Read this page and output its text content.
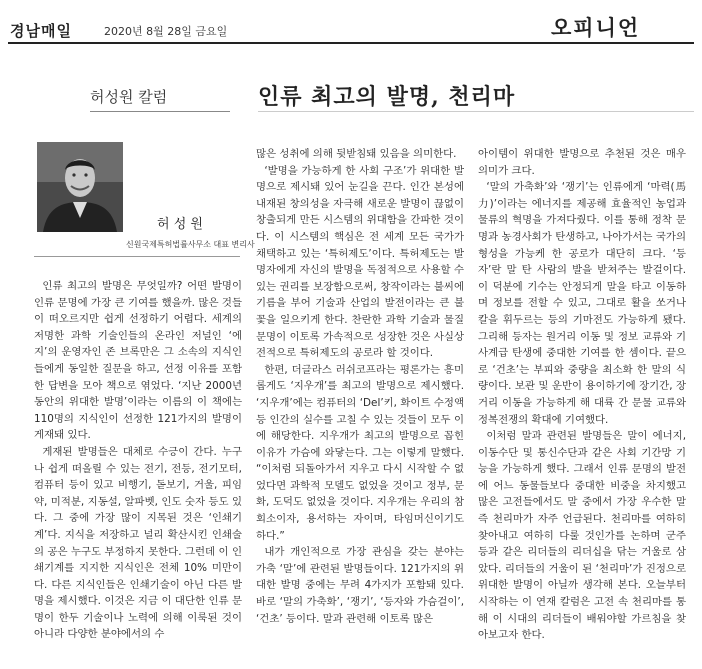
경남매일	2020년 8월 28일 금요일	오피니언
허성원 칼럼	인류 최고의 발명, 천리마
허 성 원
신원국제특허법률사무소 대표 변리사

인류 최고의 발명은 무엇일까? 어떤 발명이 인류 문명에 가장 큰 기여를 했을까. 많은 것들이 떠오르지만 쉽게 선정하기 어렵다. 세계의 저명한 과학 기술인들의 온라인 저널인 ‘에지’의 운영자인 존 브록만은 그 소속의 지식인들에게 동일한 질문을 하고, 선정 이유를 포함한 답변을 모아 책으로 엮었다. ‘지난 2000년 동안의 위대한 발명’이라는 이름의 이 책에는 110명의 지식인이 선정한 121가지의 발명이 게재돼 있다.

게재된 발명들은 대체로 수긍이 간다. 누구나 쉽게 떠올릴 수 있는 전기, 전등, 전기모터, 컴퓨터 등이 있고 비행기, 돋보기, 거울, 피임약, 미적분, 지동설, 알파벳, 인도 숫자 등도 있다. 그 중에 가장 많이 지목된 것은 ‘인쇄기계’다. 지식을 저장하고 널리 확산시킨 인쇄술의 공은 누구도 부정하지 못한다. 그런데 이 인쇄기계를 지지한 지식인은 전체 10% 미만이다. 다른 지식인들은 인쇄기술이 아닌 다른 발명을 제시했다. 이것은 지금 이 대단한 인류 문명이 한두 기술이나 노력에 의해 이룩된 것이 아니라 다양한 분야에서의 수

많은 성취에 의해 뒷받침돼 있음을 의미한다.

‘발명을 가능하게 한 사회 구조’가 위대한 발명으로 제시돼 있어 눈길을 끈다. 인간 본성에 내재된 창의성을 자극해 새로운 발명이 끊없이 창출되게 만든 시스템의 위대함을 간파한 것이다. 이 시스템의 핵심은 전 세계 모든 국가가 채택하고 있는 ‘특허제도’이다. 특허제도는 발명자에게 자신의 발명을 독점적으로 사용할 수 있는 권리를 보장함으로써, 창작이라는 불씨에 기름을 부어 기술과 산업의 발전이라는 큰 불꽃을 일으키게 한다. 찬란한 과학 기술과 물질 문명이 이토록 가속적으로 성장한 것은 사실상 전적으로 특허제도의 공로라 할 것이다.

한편, 더글라스 러쉬코프라는 평론가는 흥미롭게도 ‘지우개’를 최고의 발명으로 제시했다. ‘지우개’에는 컴퓨터의 ‘Del’키, 화이트 수정액 등 인간의 실수를 고칠 수 있는 것들이 모두 이에 해당한다. 지우개가 최고의 발명으로 꼽힌 이유가 가슴에 와닿는다. 그는 이렇게 말했다. “이처럼 되돌아가서 지우고 다시 시작할 수 없었다면 과학적 모델도 없었을 것이고 정부, 문화, 도덕도 없었을 것이다. 지우개는 우리의 참회소이자, 용서하는 자이며, 타임머신이기도 하다.”

내가 개인적으로 가장 관심을 갖는 분야는 가축 ‘말’에 관련된 발명들이다. 121가지의 위대한 발명 중에는 무려 4가지가 포함돼 있다. 바로 ‘말의 가축화’, ‘쟁기’, ‘등자와 가슴걸이’, ‘건초’ 등이다. 말과 관련해 이토록 많은

아이템이 위대한 발명으로 추천된 것은 매우 의미가 크다.

‘말의 가축화’와 ‘쟁기’는 인류에게 ‘마력(馬力)’이라는 에너지를 제공해 효율적인 농업과 물류의 혁명을 가져다줬다. 이를 통해 정착 문명과 농경사회가 탄생하고, 나아가서는 국가의 형성을 가능케 한 공로가 대단히 크다. ‘등자’란 말 탄 사람의 발을 받쳐주는 발걸이다. 이 덕분에 기수는 안정되게 말을 타고 이동하며 정보를 전할 수 있고, 그대로 활을 쏘거나 칼을 휘두르는 등의 기마전도 가능하게 됐다. 그리해 등자는 원거리 이동 및 정보 교류와 기사계급 탄생에 중대한 기여를 한 셈이다. 끝으로 ‘건초’는 부피와 중량을 최소화 한 말의 식량이다. 보관 및 운반이 용이하기에 장기간, 장거리 이동을 가능하게 해 대륙 간 문물 교류와 정복전쟁의 확대에 기여했다.

이처럼 말과 관련된 발명들은 말이 에너지, 이동수단 및 통신수단과 같은 사회 기간망 기능을 가능하게 했다. 그래서 인류 문명의 발전에 어느 동물들보다 중대한 비중을 차지했고 많은 고전들에서도 말 중에서 가장 우수한 말 즉 천리마가 자주 언급된다. 천리마를 여하히 찾아내고 여하히 다룰 것인가를 논하며 군주 등과 같은 리더들의 리더십을 닦는 거울로 삼았다. 리더들의 거울이 된 ‘천리마’가 진정으로 위대한 발명이 아닐까 생각해 본다. 오늘부터 시작하는 이 연재 칼럼은 고전 속 천리마를 통해 이 시대의 리더들이 배워야할 가르침을 찾아보고자 한다.
